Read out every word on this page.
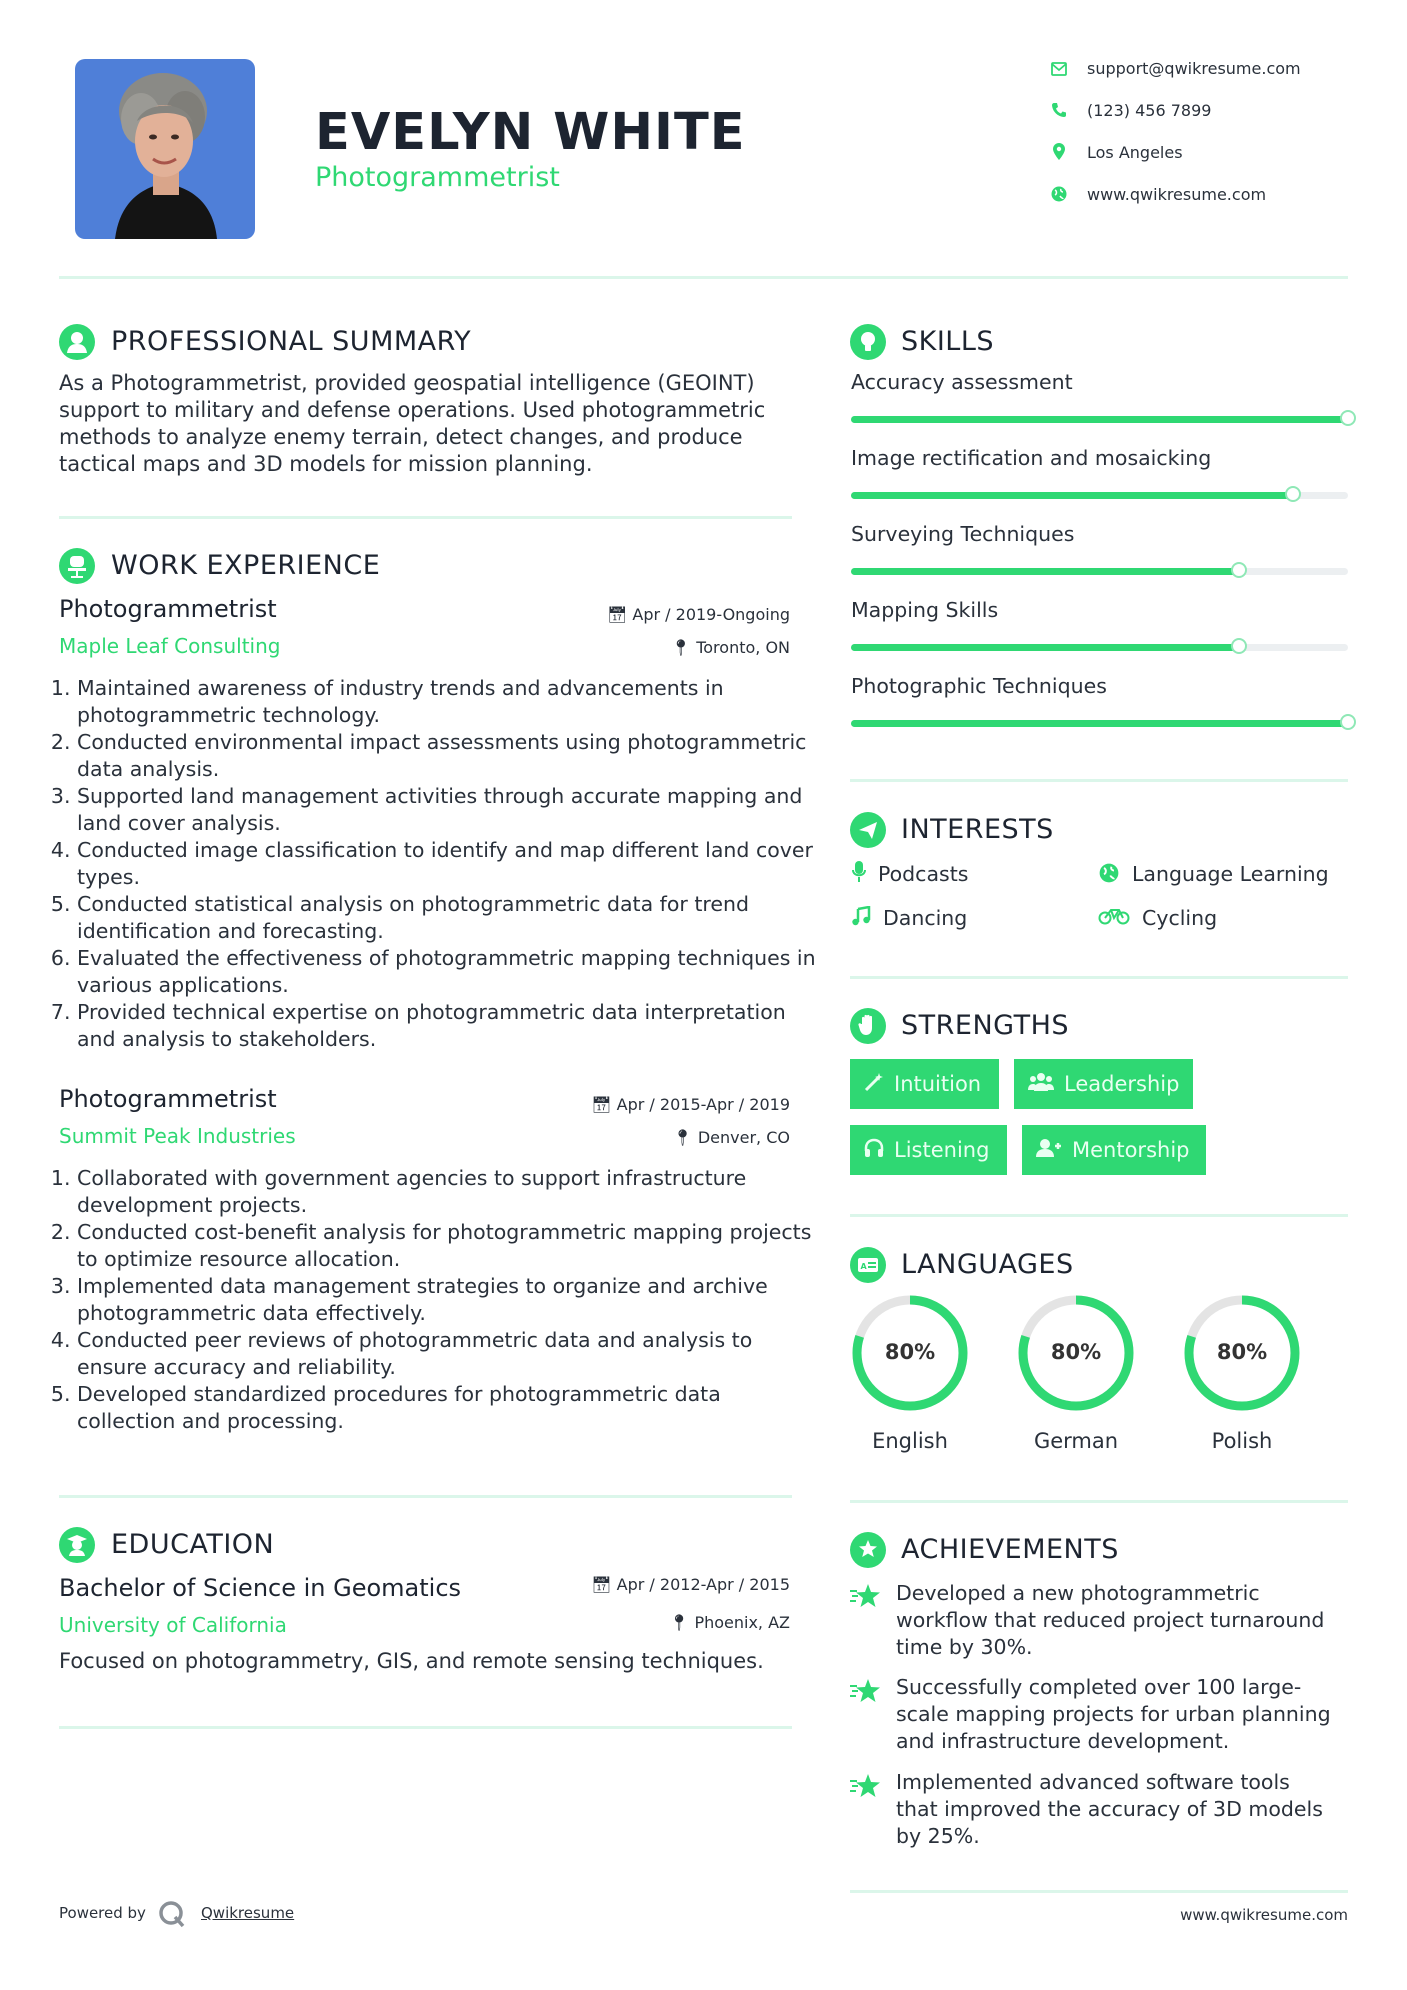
EVELYN WHITE
Photogrammetrist
support@qwikresume.com
(123) 456 7899
Los Angeles
www.qwikresume.com
PROFESSIONAL SUMMARY
As a Photogrammetrist, provided geospatial intelligence (GEOINT)
support to military and defense operations. Used photogrammetric
methods to analyze enemy terrain, detect changes, and produce
tactical maps and 3D models for mission planning.
WORK EXPERIENCE
Photogrammetrist
Maple Leaf Consulting
📅︎ Apr / 2019-Ongoing
📍︎ Toronto, ON
1. Maintained awareness of industry trends and advancements in photogrammetric technology.
2. Conducted environmental impact assessments using photogrammetric data analysis.
3. Supported land management activities through accurate mapping and land cover analysis.
4. Conducted image classification to identify and map different land cover types.
5. Conducted statistical analysis on photogrammetric data for trend identification and forecasting.
6. Evaluated the effectiveness of photogrammetric mapping techniques in various applications.
7. Provided technical expertise on photogrammetric data interpretation and analysis to stakeholders.
Photogrammetrist
Summit Peak Industries
📅︎ Apr / 2015-Apr / 2019
📍︎ Denver, CO
1. Collaborated with government agencies to support infrastructure development projects.
2. Conducted cost-benefit analysis for photogrammetric mapping projects to optimize resource allocation.
3. Implemented data management strategies to organize and archive photogrammetric data effectively.
4. Conducted peer reviews of photogrammetric data and analysis to ensure accuracy and reliability.
5. Developed standardized procedures for photogrammetric data collection and processing.
EDUCATION
Bachelor of Science in Geomatics
University of California
📅︎ Apr / 2012-Apr / 2015
📍︎ Phoenix, AZ
Focused on photogrammetry, GIS, and remote sensing techniques.
SKILLS
Accuracy assessment
Image rectification and mosaicking
Surveying Techniques
Mapping Skills
Photographic Techniques
INTERESTS
Podcasts	Language Learning
Dancing	Cycling
STRENGTHS
Intuition	Leadership
Listening	Mentorship
A LANGUAGES
80%
English
80%
German
80%
Polish
ACHIEVEMENTS
Developed a new photogrammetric
workflow that reduced project turnaround
time by 30%.
Successfully completed over 100 large-
scale mapping projects for urban planning
and infrastructure development.
Implemented advanced software tools
that improved the accuracy of 3D models
by 25%.
Powered by	Qwikresume	www.qwikresume.com
